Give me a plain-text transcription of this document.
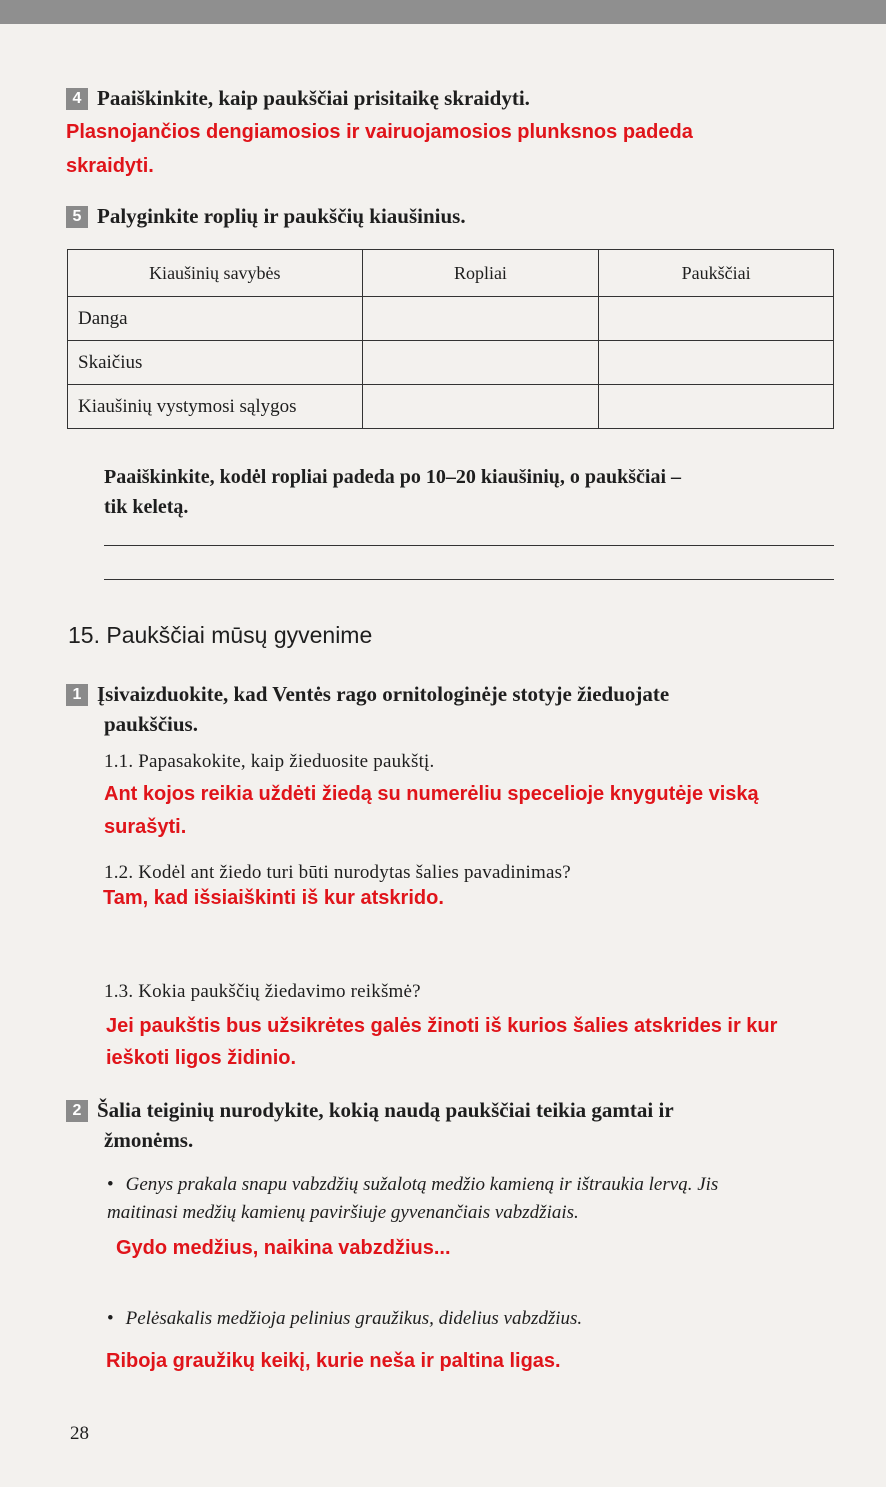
4 Paaiškinkite, kaip paukščiai prisitaikę skraidyti.
Plasnojančios dengiamosios ir vairuojamosios plunksnos padeda
skraidyti.
5 Palyginkite roplių ir paukščių kiaušinius.
Kiaušinių savybės	Ropliai	Paukščiai
Danga		
Skaičius		
Kiaušinių vystymosi sąlygos		
Paaiškinkite, kodėl ropliai padeda po 10–20 kiaušinių, o paukščiai –
tik keletą.
15. Paukščiai mūsų gyvenime
1 Įsivaizduokite, kad Ventės rago ornitologinėje stotyje žieduojate
paukščius.
1.1. Papasakokite, kaip žieduosite paukštį.
Ant kojos reikia uždėti žiedą su numerėliu specelioje knygutėje viską
surašyti.
1.2. Kodėl ant žiedo turi būti nurodytas šalies pavadinimas?
Tam, kad išsiaiškinti iš kur atskrido.
1.3. Kokia paukščių žiedavimo reikšmė?
Jei paukštis bus užsikrėtes galės žinoti iš kurios šalies atskrides ir kur
ieškoti ligos židinio.
2 Šalia teiginių nurodykite, kokią naudą paukščiai teikia gamtai ir
žmonėms.
• Genys prakala snapu vabzdžių sužalotą medžio kamieną ir ištraukia lervą. Jis
maitinasi medžių kamienų paviršiuje gyvenančiais vabzdžiais.
Gydo medžius, naikina vabzdžius...
• Pelėsakalis medžioja pelinius graužikus, didelius vabzdžius.
Riboja graužikų keikį, kurie neša ir paltina ligas.
28
